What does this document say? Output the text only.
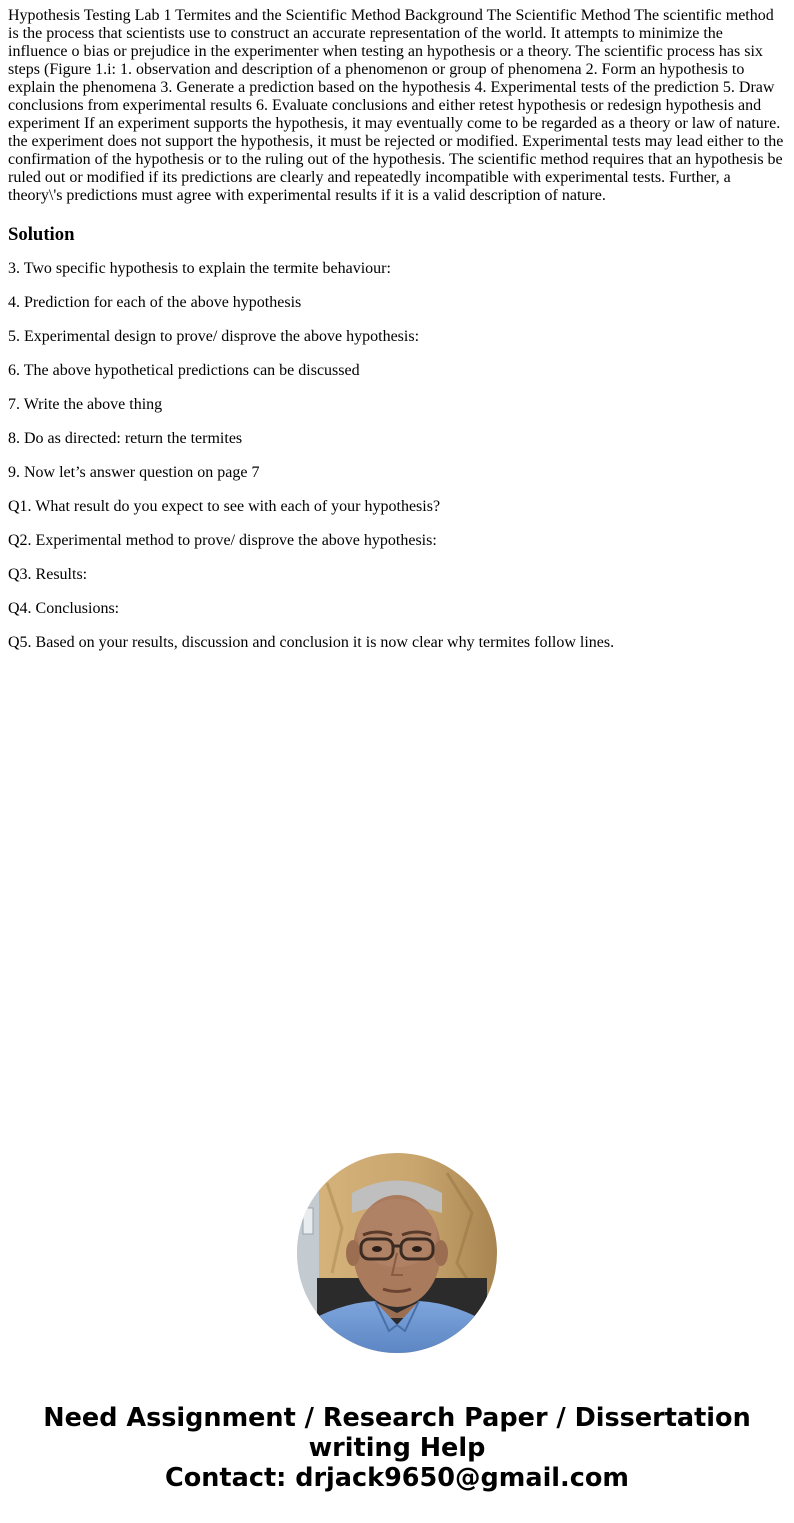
Hypothesis Testing Lab 1 Termites and the Scientific Method Background The Scientific Method The scientific method is the process that scientists use to construct an accurate representation of the world. It attempts to minimize the influence o bias or prejudice in the experimenter when testing an hypothesis or a theory. The scientific process has six steps (Figure 1.i: 1. observation and description of a phenomenon or group of phenomena 2. Form an hypothesis to explain the phenomena 3. Generate a prediction based on the hypothesis 4. Experimental tests of the prediction 5. Draw conclusions from experimental results 6. Evaluate conclusions and either retest hypothesis or redesign hypothesis and experiment If an experiment supports the hypothesis, it may eventually come to be regarded as a theory or law of nature. the experiment does not support the hypothesis, it must be rejected or modified. Experimental tests may lead either to the confirmation of the hypothesis or to the ruling out of the hypothesis. The scientific method requires that an hypothesis be ruled out or modified if its predictions are clearly and repeatedly incompatible with experimental tests. Further, a theory\'s predictions must agree with experimental results if it is a valid description of nature.

Solution

3. Two specific hypothesis to explain the termite behaviour:

4. Prediction for each of the above hypothesis

5. Experimental design to prove/ disprove the above hypothesis:

6. The above hypothetical predictions can be discussed

7. Write the above thing

8. Do as directed: return the termites

9. Now let’s answer question on page 7

Q1. What result do you expect to see with each of your hypothesis?

Q2. Experimental method to prove/ disprove the above hypothesis:

Q3. Results:

Q4. Conclusions:

Q5. Based on your results, discussion and conclusion it is now clear why termites follow lines.

Need Assignment / Research Paper / Dissertation
writing Help
Contact: drjack9650@gmail.com
